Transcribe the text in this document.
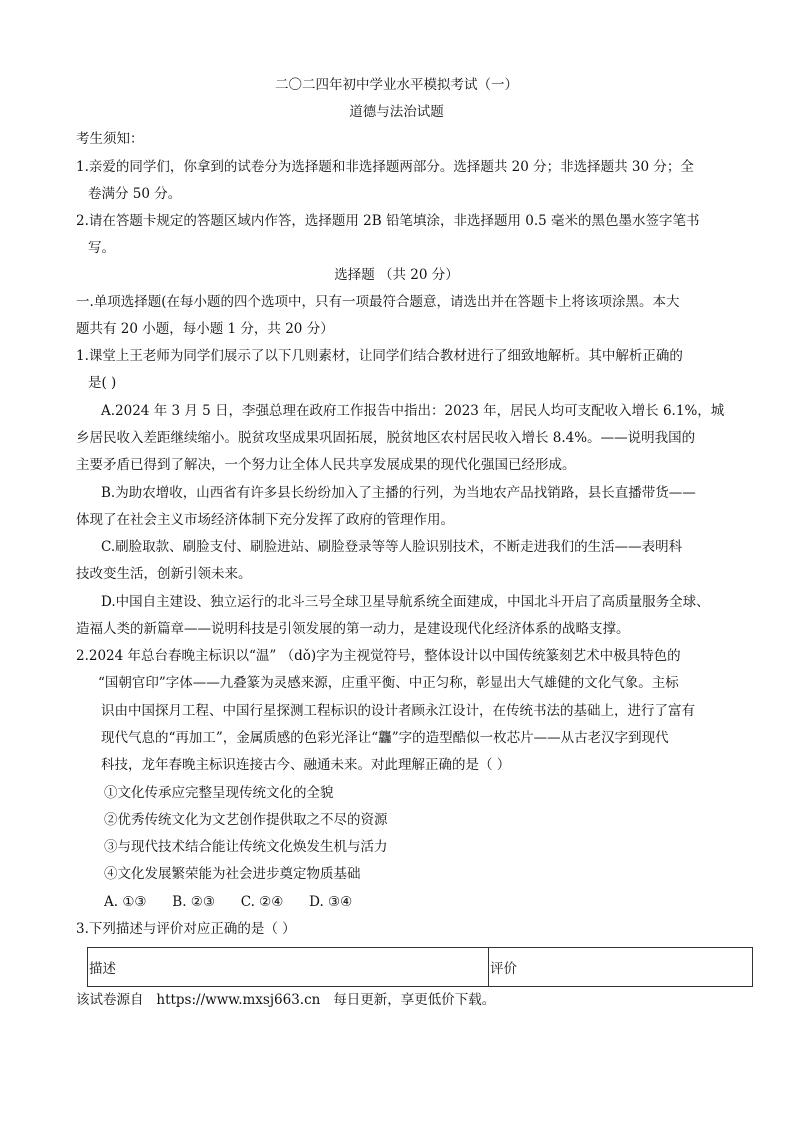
二〇二四年初中学业水平模拟考试（一）
道德与法治试题
考生须知：
1.亲爱的同学们，你拿到的试卷分为选择题和非选择题两部分。选择题共 20 分；非选择题共 30 分；全
卷满分 50 分。
2.请在答题卡规定的答题区域内作答，选择题用 2B 铅笔填涂，非选择题用 0.5 毫米的黑色墨水签字笔书
写。
选择题 （共 20 分）
一.单项选择题(在每小题的四个选项中，只有一项最符合题意，请选出并在答题卡上将该项涂黑。本大
题共有 20 小题，每小题 1 分，共 20 分）
1.课堂上王老师为同学们展示了以下几则素材，让同学们结合教材进行了细致地解析。其中解析正确的
是( )
A.2024 年 3 月 5 日，李强总理在政府工作报告中指出：2023 年，居民人均可支配收入增长 6.1%，城
乡居民收入差距继续缩小。脱贫攻坚成果巩固拓展，脱贫地区农村居民收入增长 8.4%。——说明我国的
主要矛盾已得到了解决，一个努力让全体人民共享发展成果的现代化强国已经形成。
B.为助农增收，山西省有许多县长纷纷加入了主播的行列，为当地农产品找销路，县长直播带货——
体现了在社会主义市场经济体制下充分发挥了政府的管理作用。
C.刷脸取款、刷脸支付、刷脸进站、刷脸登录等等人脸识别技术，不断走进我们的生活——表明科
技改变生活，创新引领未来。
D.中国自主建设、独立运行的北斗三号全球卫星导航系统全面建成，中国北斗开启了高质量服务全球、
造福人类的新篇章——说明科技是引领发展的第一动力，是建设现代化经济体系的战略支撑。
2.2024 年总台春晚主标识以“温” （dǒ)字为主视觉符号，整体设计以中国传统篆刻艺术中极具特色的
“国朝官印”字体——九叠篆为灵感来源，庄重平衡、中正匀称，彰显出大气雄健的文化气象。主标
识由中国探月工程、中国行星探测工程标识的设计者顾永江设计，在传统书法的基础上，进行了富有
现代气息的“再加工”，金属质感的色彩光泽让“龘”字的造型酷似一枚芯片——从古老汉字到现代
科技，龙年春晚主标识连接古今、融通未来。对此理解正确的是（ ）
①文化传承应完整呈现传统文化的全貌
②优秀传统文化为文艺创作提供取之不尽的资源
③与现代技术结合能让传统文化焕发生机与活力
④文化发展繁荣能为社会进步奠定物质基础
A. ①③      B. ②③      C. ②④      D. ③④
3.下列描述与评价对应正确的是（ ）
描述	评价
该试卷源自   https://www.mxsj663.cn   每日更新，享更低价下载。
